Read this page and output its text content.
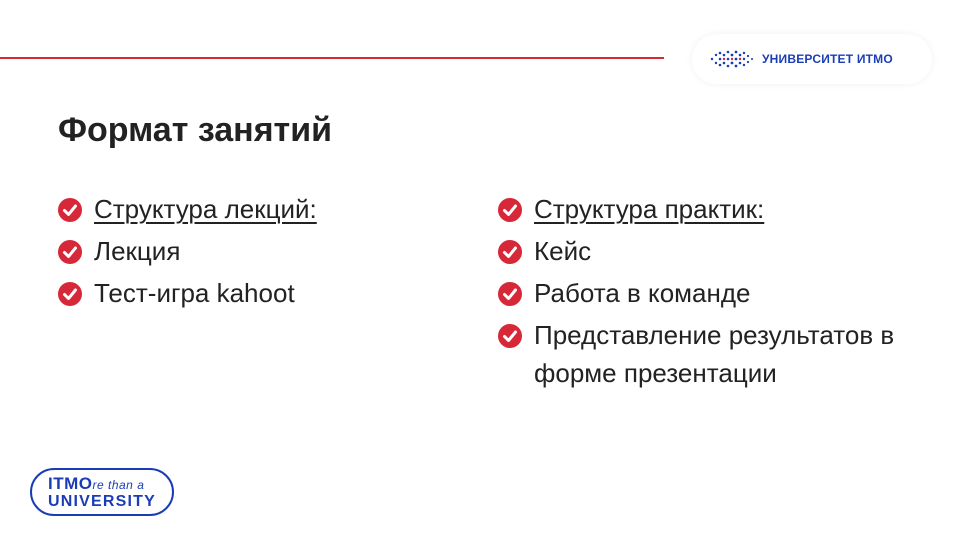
УНИВЕРСИТЕТ ИТМО
Формат занятий
Структура лекций:
Лекция
Тест-игра kahoot
Структура практик:
Кейс
Работа в команде
Представление результатов в форме презентации
ITMOre than a
UNIVERSITY
